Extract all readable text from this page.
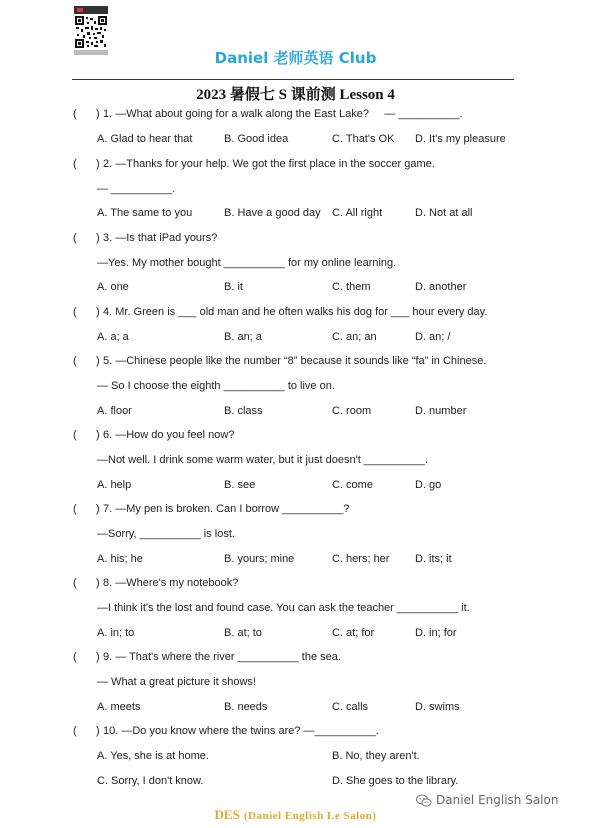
Daniel 老师英语 Club
2023 暑假七 S 课前测 Lesson 4
( ) 1. —What about going for a walk along the East Lake?     — __________.
A. Glad to hear that	B. Good idea	C. That's OK D. It's my pleasure
( ) 2. —Thanks for your help. We got the first place in the soccer game.
— __________.
A. The same to you	B. Have a good day C. All right	D. Not at all
( ) 3. —Is that iPad yours?
—Yes. My mother bought __________ for my online learning.
A. one	B. it	C. them	D. another
( ) 4. Mr. Green is ___ old man and he often walks his dog for ___ hour every day.
A. a; a	B. an; a	C. an; an	D. an; /
( ) 5. —Chinese people like the number “8” because it sounds like “fa” in Chinese.
— So I choose the eighth __________ to live on.
A. floor	B. class	C. room	D. number
( ) 6. —How do you feel now?
—Not well. I drink some warm water, but it just doesn't __________.
A. help	B. see	C. come	D. go
( ) 7. —My pen is broken. Can I borrow __________?
—Sorry, __________ is lost.
A. his; he	B. yours; mine	C. hers; her D. its; it
( ) 8. —Where's my notebook?
—I think it's the lost and found case. You can ask the teacher __________ it.
A. in; to	B. at; to	C. at; for	D. in; for
( ) 9. — That's where the river __________ the sea.
— What a great picture it shows!
A. meets	B. needs	C. calls	D. swims
( ) 10. —Do you know where the twins are? —__________.
A. Yes, she is at home.	B. No, they aren't.
C. Sorry, I don't know.	D. She goes to the library.
DES (Daniel English Le Salon)
Daniel English Salon
